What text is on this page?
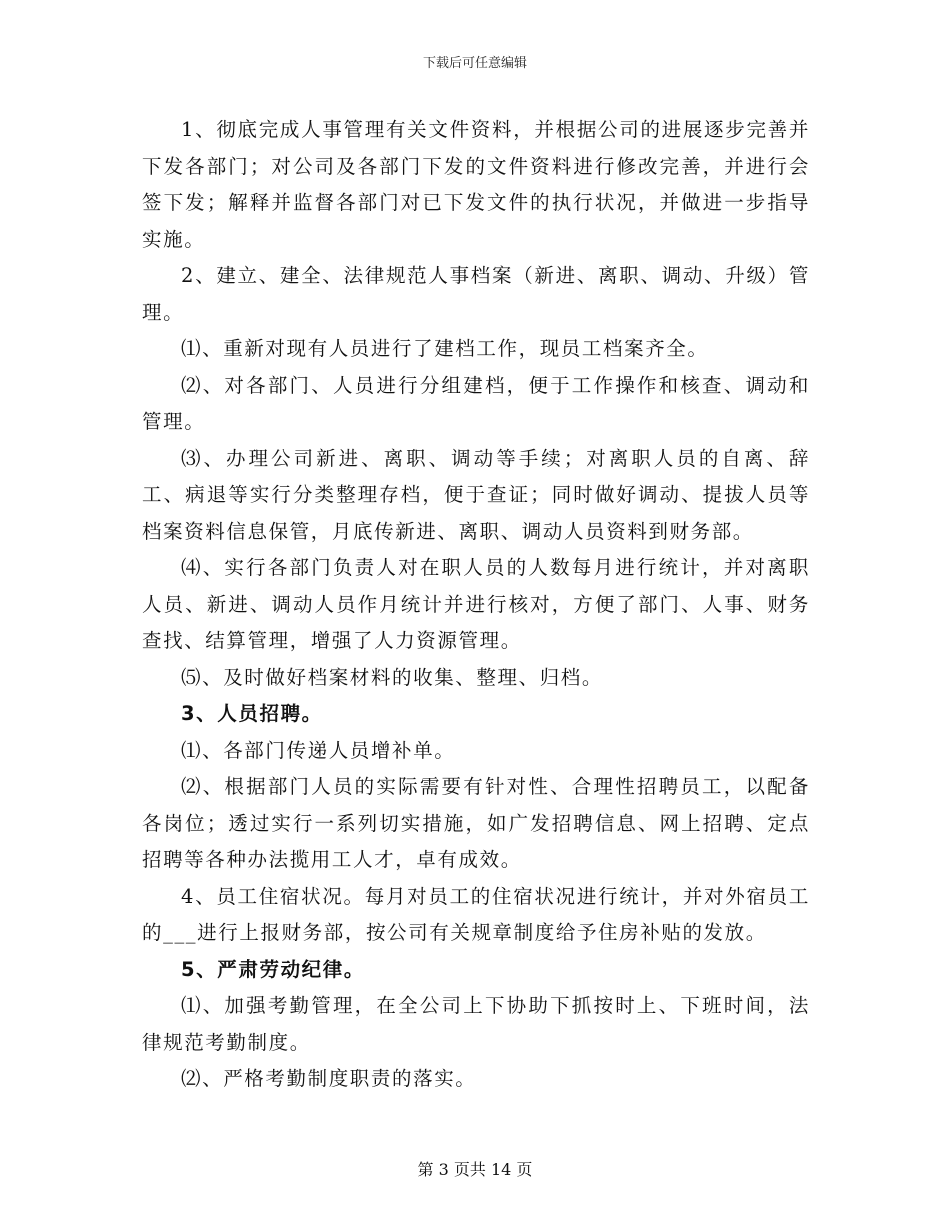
下载后可任意编辑

1、彻底完成人事管理有关文件资料，并根据公司的进展逐步完善并下发各部门；对公司及各部门下发的文件资料进行修改完善，并进行会签下发；解释并监督各部门对已下发文件的执行状况，并做进一步指导实施。

2、建立、建全、法律规范人事档案（新进、离职、调动、升级）管理。

⑴、重新对现有人员进行了建档工作，现员工档案齐全。

⑵、对各部门、人员进行分组建档，便于工作操作和核查、调动和管理。

⑶、办理公司新进、离职、调动等手续；对离职人员的自离、辞工、病退等实行分类整理存档，便于查证；同时做好调动、提拔人员等档案资料信息保管，月底传新进、离职、调动人员资料到财务部。

⑷、实行各部门负责人对在职人员的人数每月进行统计，并对离职人员、新进、调动人员作月统计并进行核对，方便了部门、人事、财务查找、结算管理，增强了人力资源管理。

⑸、及时做好档案材料的收集、整理、归档。

3、人员招聘。

⑴、各部门传递人员增补单。

⑵、根据部门人员的实际需要有针对性、合理性招聘员工，以配备各岗位；透过实行一系列切实措施，如广发招聘信息、网上招聘、定点招聘等各种办法揽用工人才，卓有成效。

4、员工住宿状况。每月对员工的住宿状况进行统计，并对外宿员工的___进行上报财务部，按公司有关规章制度给予住房补贴的发放。

5、严肃劳动纪律。

⑴、加强考勤管理，在全公司上下协助下抓按时上、下班时间，法律规范考勤制度。

⑵、严格考勤制度职责的落实。

第 3 页共 14 页
